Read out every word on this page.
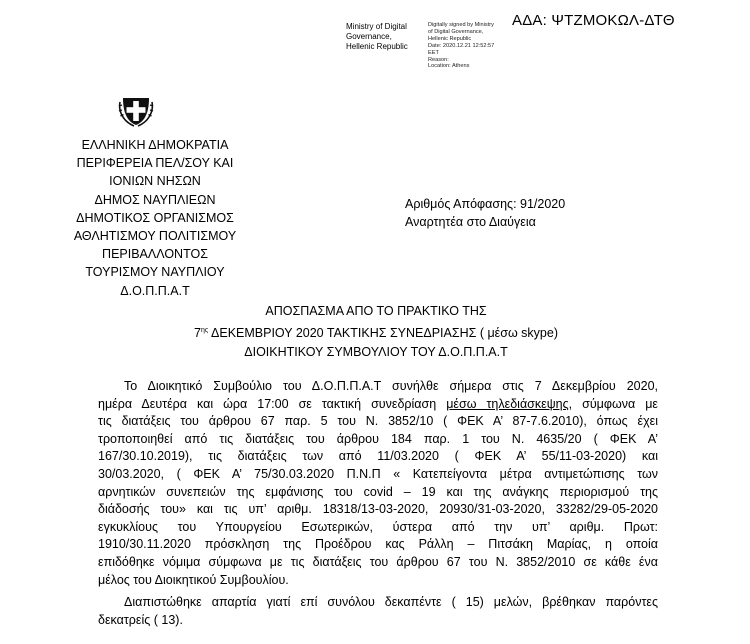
ΑΔΑ: ΨΤΖΜΟΚΩΛ-ΔΤΘ
Ministry of Digital
Governance,
Hellenic Republic
Digitally signed by Ministry
of Digital Governance,
Hellenic Republic
Date: 2020.12.21 12:52:57
EET
Reason:
Location: Athens
ΕΛΛΗΝΙΚΗ ΔΗΜΟΚΡΑΤΙΑ
ΠΕΡΙΦΕΡΕΙΑ ΠΕΛ/ΣΟΥ ΚΑΙ
ΙΟΝΙΩΝ ΝΗΣΩΝ
ΔΗΜΟΣ ΝΑΥΠΛΙΕΩΝ
ΔΗΜΟΤΙΚΟΣ ΟΡΓΑΝΙΣΜΟΣ
ΑΘΛΗΤΙΣΜΟΥ ΠΟΛΙΤΙΣΜΟΥ
ΠΕΡΙΒΑΛΛΟΝΤΟΣ
ΤΟΥΡΙΣΜΟΥ ΝΑΥΠΛΙΟΥ
Δ.Ο.Π.Π.Α.Τ
Αριθμός Απόφασης: 91/2020
Αναρτητέα στο Διαύγεια
ΑΠΟΣΠΑΣΜΑ ΑΠΟ ΤΟ ΠΡΑΚΤΙΚΟ ΤΗΣ
$7^{\eta\varsigma}$ ΔΕΚΕΜΒΡΙΟΥ 2020 ΤΑΚΤΙΚΗΣ ΣΥΝΕΔΡΙΑΣΗΣ ( μέσω skype)
ΔΙΟΙΚΗΤΙΚΟΥ ΣΥΜΒΟΥΛΙΟΥ ΤΟΥ Δ.Ο.Π.Π.Α.Τ
Το Διοικητικό Συμβούλιο του Δ.Ο.Π.Π.Α.Τ συνήλθε σήμερα στις 7 Δεκεμβρίου 2020,
ημέρα Δευτέρα και ώρα 17:00 σε τακτική συνεδρίαση μέσω τηλεδιάσκεψης, σύμφωνα με
τις διατάξεις του άρθρου 67 παρ. 5 του Ν. 3852/10 ( ΦΕΚ Α’ 87-7.6.2010), όπως έχει
τροποποιηθεί από τις διατάξεις του άρθρου 184 παρ. 1 του Ν. 4635/20 ( ΦΕΚ Α’
167/30.10.2019), τις διατάξεις των από 11/03.2020 ( ΦΕΚ Α’ 55/11-03-2020) και
30/03.2020, ( ΦΕΚ Α’ 75/30.03.2020 Π.Ν.Π « Κατεπείγοντα μέτρα αντιμετώπισης των
αρνητικών συνεπειών της εμφάνισης του covid – 19 και της ανάγκης περιορισμού της
διάδοσής του» και τις υπ’ αριθμ. 18318/13-03-2020, 20930/31-03-2020, 33282/29-05-2020
εγκυκλίους του Υπουργείου Εσωτερικών, ύστερα από την υπ’ αριθμ. Πρωτ:
1910/30.11.2020 πρόσκληση της Προέδρου κας Ράλλη – Πιτσάκη Μαρίας, η οποία
επιδόθηκε νόμιμα σύμφωνα με τις διατάξεις του άρθρου 67 του Ν. 3852/2010 σε κάθε ένα
μέλος του Διοικητικού Συμβουλίου.
Διαπιστώθηκε απαρτία γιατί επί συνόλου δεκαπέντε ( 15) μελών, βρέθηκαν παρόντες
δεκατρείς ( 13).
